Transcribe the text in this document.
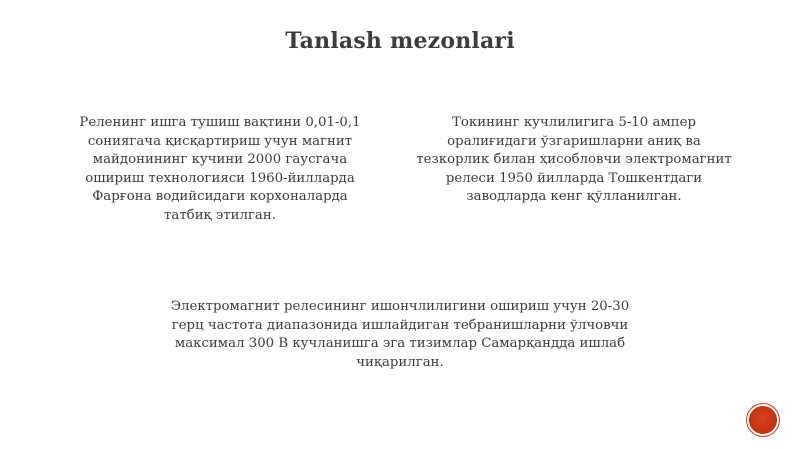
Tanlash mezonlari
Реленинг ишга тушиш вақтини 0,01-0,1
сониягача қисқартириш учун магнит
майдонининг кучини 2000 гаусгача
ошириш технологияси 1960-йилларда
Фарғона водийсидаги корхоналарда
татбиқ этилган.
Токининг кучлилигига 5-10 ампер
оралиғидаги ўзгаришларни аниқ ва
тезкорлик билан ҳисобловчи электромагнит
релеси 1950 йилларда Тошкентдаги
заводларда кенг қўлланилган.
Электромагнит релесининг ишончлилигини ошириш учун 20-30
герц частота диапазонида ишлайдиган тебранишларни ўлчовчи
максимал 300 В кучланишга эга тизимлар Самарқандда ишлаб
чиқарилган.
